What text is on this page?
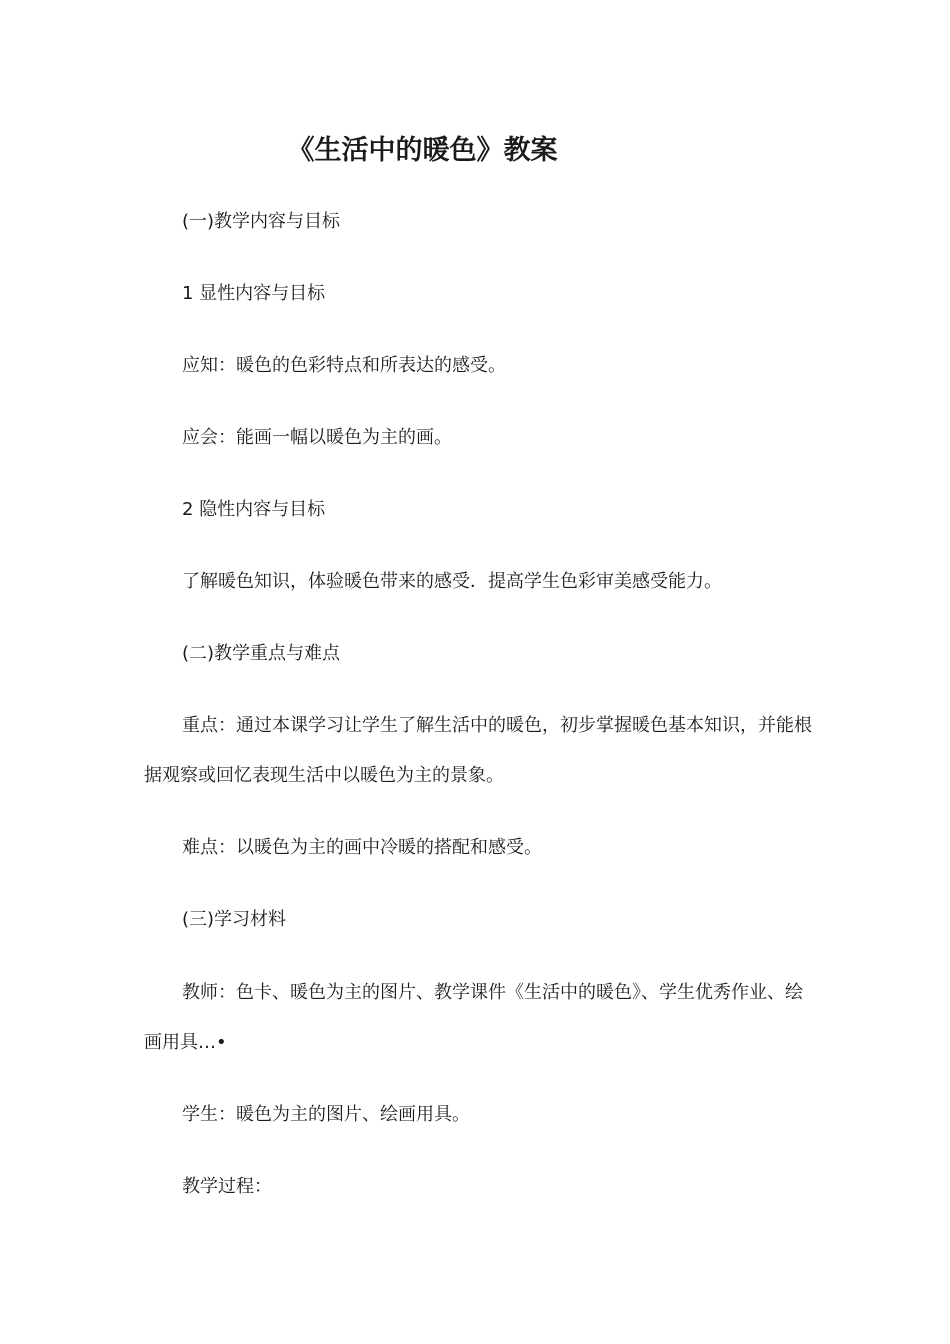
《生活中的暖色》教案

(一)教学内容与目标

1 显性内容与目标

应知：暖色的色彩特点和所表达的感受。

应会：能画一幅以暖色为主的画。

2 隐性内容与目标

了解暖色知识，体验暖色带来的感受．提高学生色彩审美感受能力。

(二)教学重点与难点

重点：通过本课学习让学生了解生活中的暖色，初步掌握暖色基本知识，并能根据观察或回忆表现生活中以暖色为主的景象。

难点：以暖色为主的画中冷暖的搭配和感受。

(三)学习材料

教师：色卡、暖色为主的图片、教学课件《生活中的暖色》、学生优秀作业、绘画用具…•

学生：暖色为主的图片、绘画用具。

教学过程：
